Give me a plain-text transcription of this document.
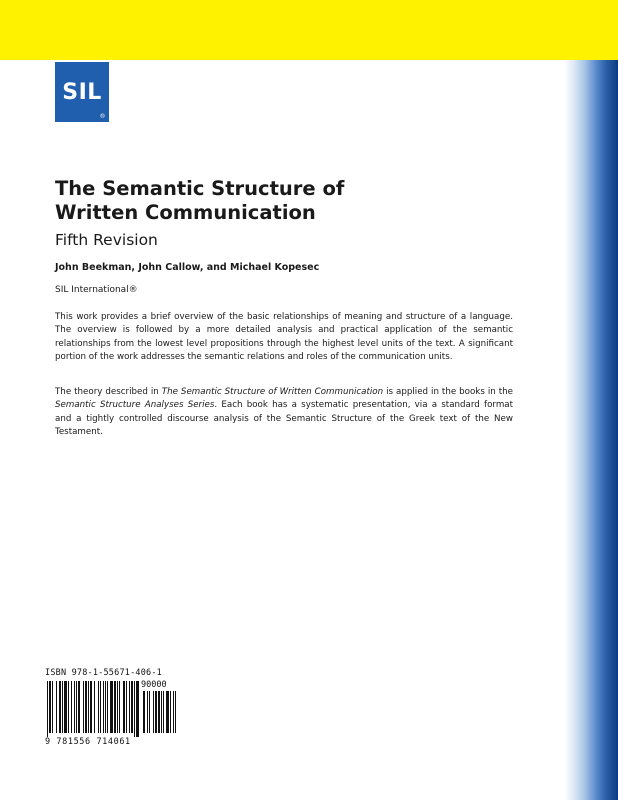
SIL
®
The Semantic Structure of
Written Communication
Fifth Revision
John Beekman, John Callow, and Michael Kopesec
SIL International®

This work provides a brief overview of the basic relationships of meaning and structure of a language. The overview is followed by a more detailed analysis and practical application of the semantic relationships from the lowest level propositions through the highest level units of the text. A significant portion of the work addresses the semantic relations and roles of the communication units.

The theory described in The Semantic Structure of Written Communication is applied in the books in the Semantic Structure Analyses Series. Each book has a systematic presentation, via a standard format and a tightly controlled discourse analysis of the Semantic Structure of the Greek text of the New Testament.

ISBN 978-1-55671-406-1
90000
9 781556 714061
